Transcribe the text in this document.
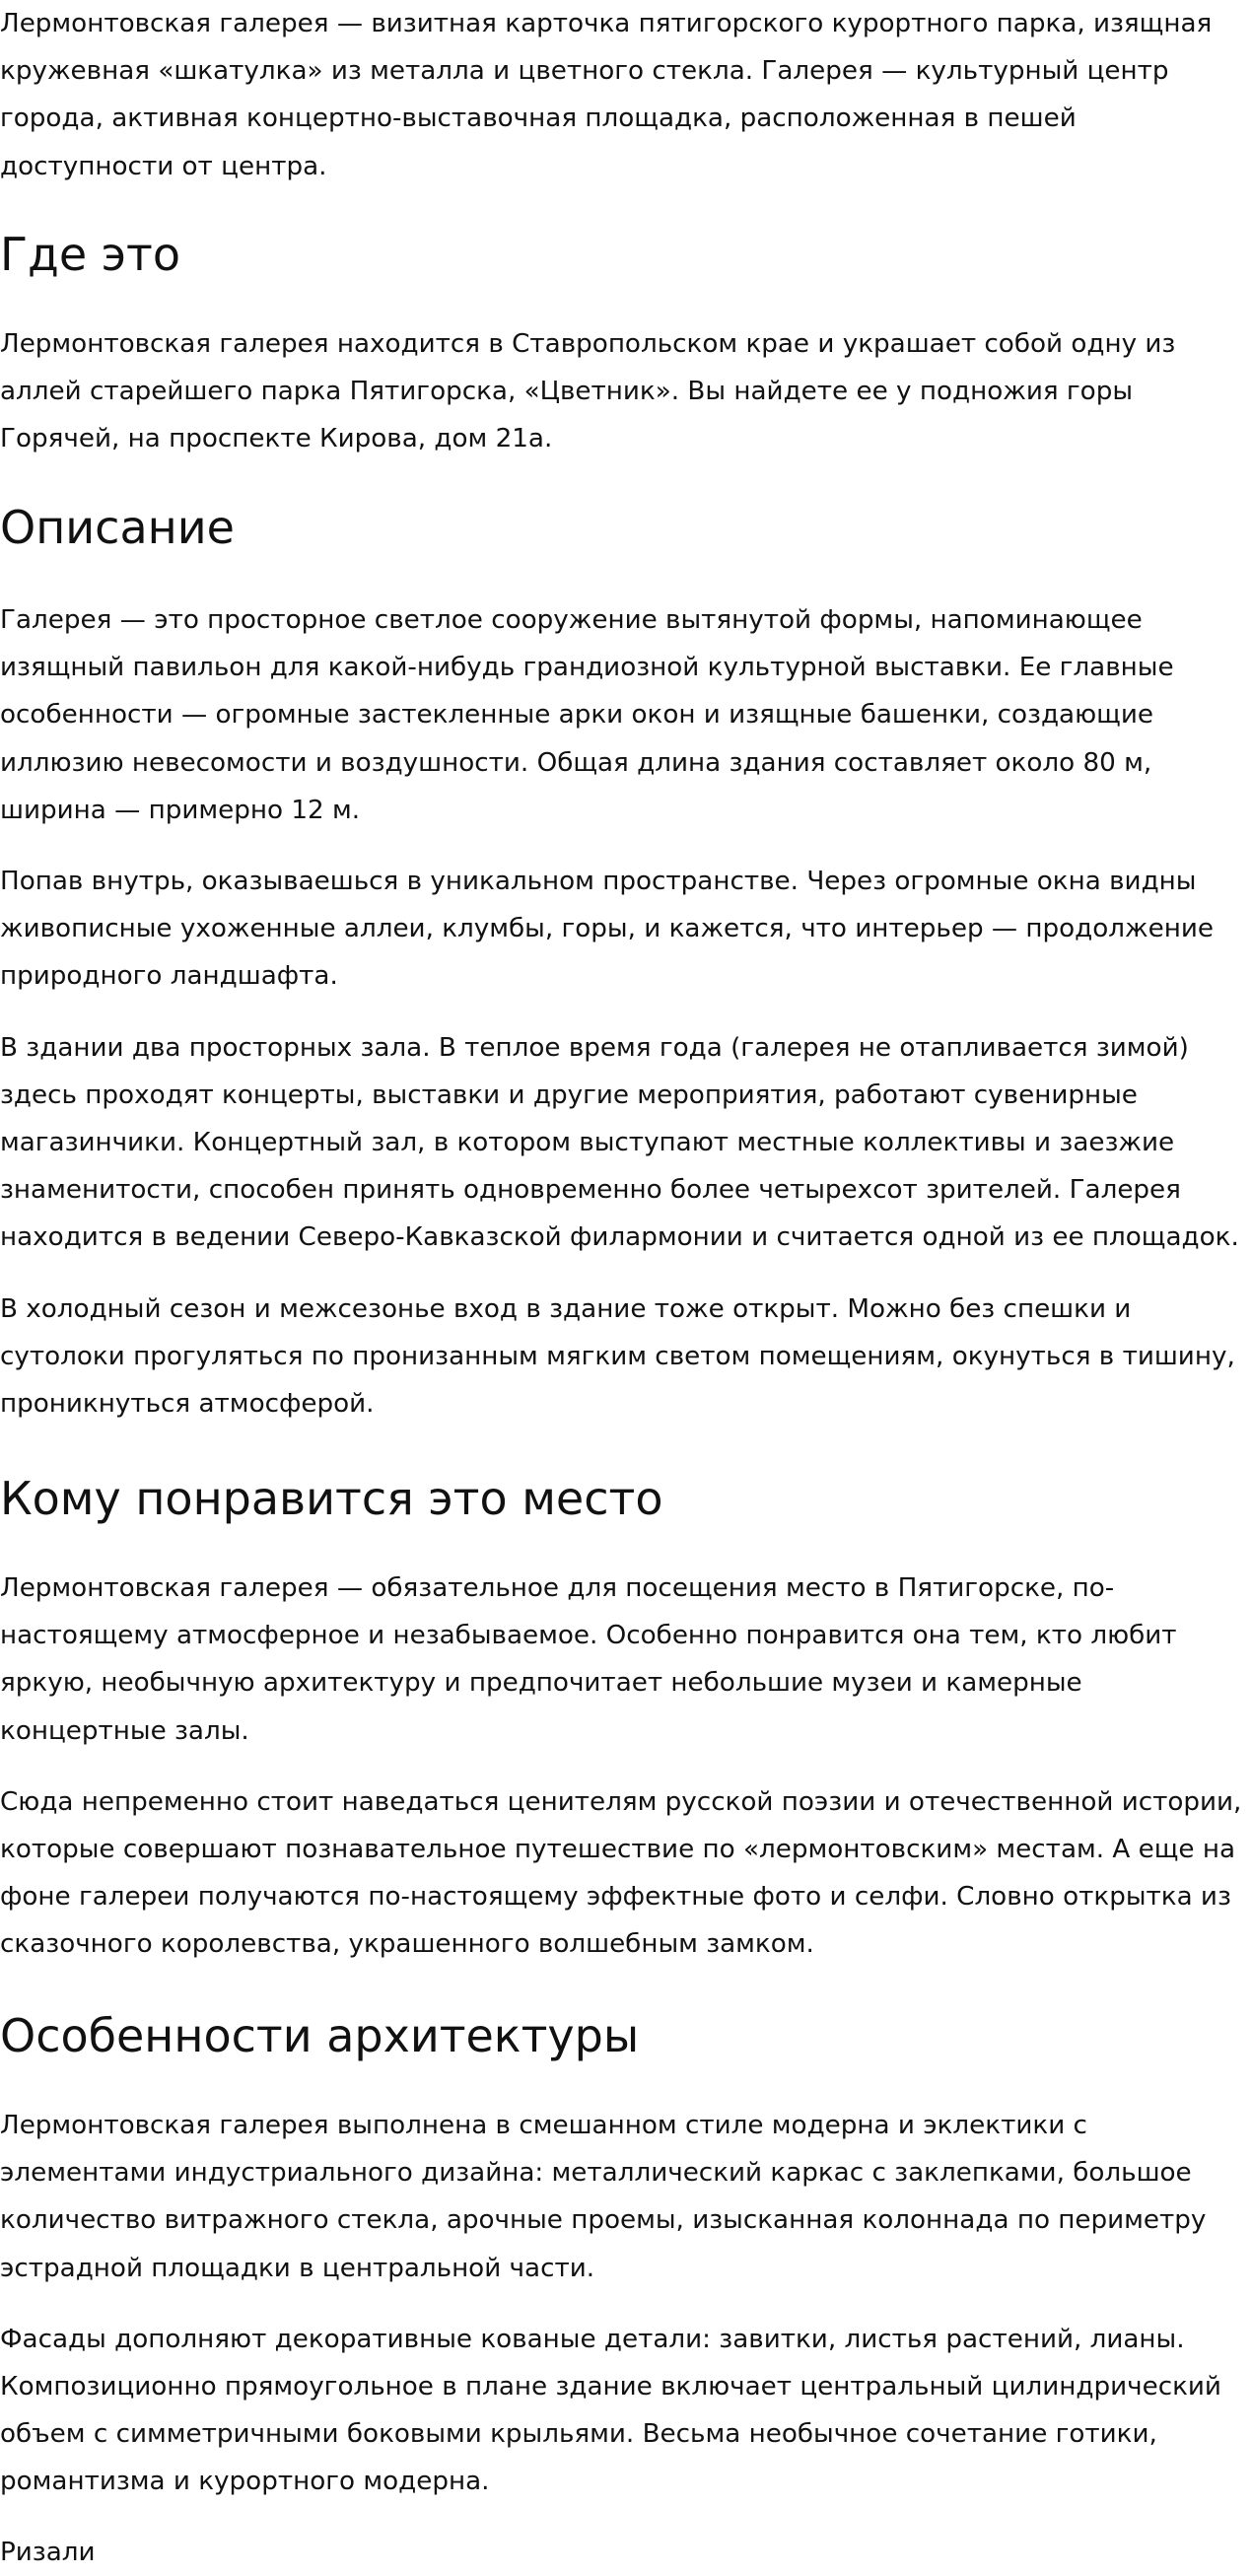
Лермонтовская галерея — визитная карточка пятигорского курортного парка, изящная кружевная «шкатулка» из металла и цветного стекла. Галерея — культурный центр города, активная концертно-выставочная площадка, расположенная в пешей доступности от центра.

Где это

Лермонтовская галерея находится в Ставропольском крае и украшает собой одну из аллей старейшего парка Пятигорска, «Цветник». Вы найдете ее у подножия горы Горячей, на проспекте Кирова, дом 21а.

Описание

Галерея — это просторное светлое сооружение вытянутой формы, напоминающее изящный павильон для какой-нибудь грандиозной культурной выставки. Ее главные особенности — огромные застекленные арки окон и изящные башенки, создающие иллюзию невесомости и воздушности. Общая длина здания составляет около 80 м, ширина — примерно 12 м.

Попав внутрь, оказываешься в уникальном пространстве. Через огромные окна видны живописные ухоженные аллеи, клумбы, горы, и кажется, что интерьер — продолжение природного ландшафта.

В здании два просторных зала. В теплое время года (галерея не отапливается зимой) здесь проходят концерты, выставки и другие мероприятия, работают сувенирные магазинчики. Концертный зал, в котором выступают местные коллективы и заезжие знаменитости, способен принять одновременно более четырехсот зрителей. Галерея находится в ведении Северо-Кавказской филармонии и считается одной из ее площадок.

В холодный сезон и межсезонье вход в здание тоже открыт. Можно без спешки и сутолоки прогуляться по пронизанным мягким светом помещениям, окунуться в тишину, проникнуться атмосферой.

Кому понравится это место

Лермонтовская галерея — обязательное для посещения место в Пятигорске, по-настоящему атмосферное и незабываемое. Особенно понравится она тем, кто любит яркую, необычную архитектуру и предпочитает небольшие музеи и камерные концертные залы.

Сюда непременно стоит наведаться ценителям русской поэзии и отечественной истории, которые совершают познавательное путешествие по «лермонтовским» местам. А еще на фоне галереи получаются по-настоящему эффектные фото и селфи. Словно открытка из сказочного королевства, украшенного волшебным замком.

Особенности архитектуры

Лермонтовская галерея выполнена в смешанном стиле модерна и эклектики с элементами индустриального дизайна: металлический каркас с заклепками, большое количество витражного стекла, арочные проемы, изысканная колоннада по периметру эстрадной площадки в центральной части.

Фасады дополняют декоративные кованые детали: завитки, листья растений, лианы. Композиционно прямоугольное в плане здание включает центральный цилиндрический объем с симметричными боковыми крыльями. Весьма необычное сочетание готики, романтизма и курортного модерна.

Ризали
